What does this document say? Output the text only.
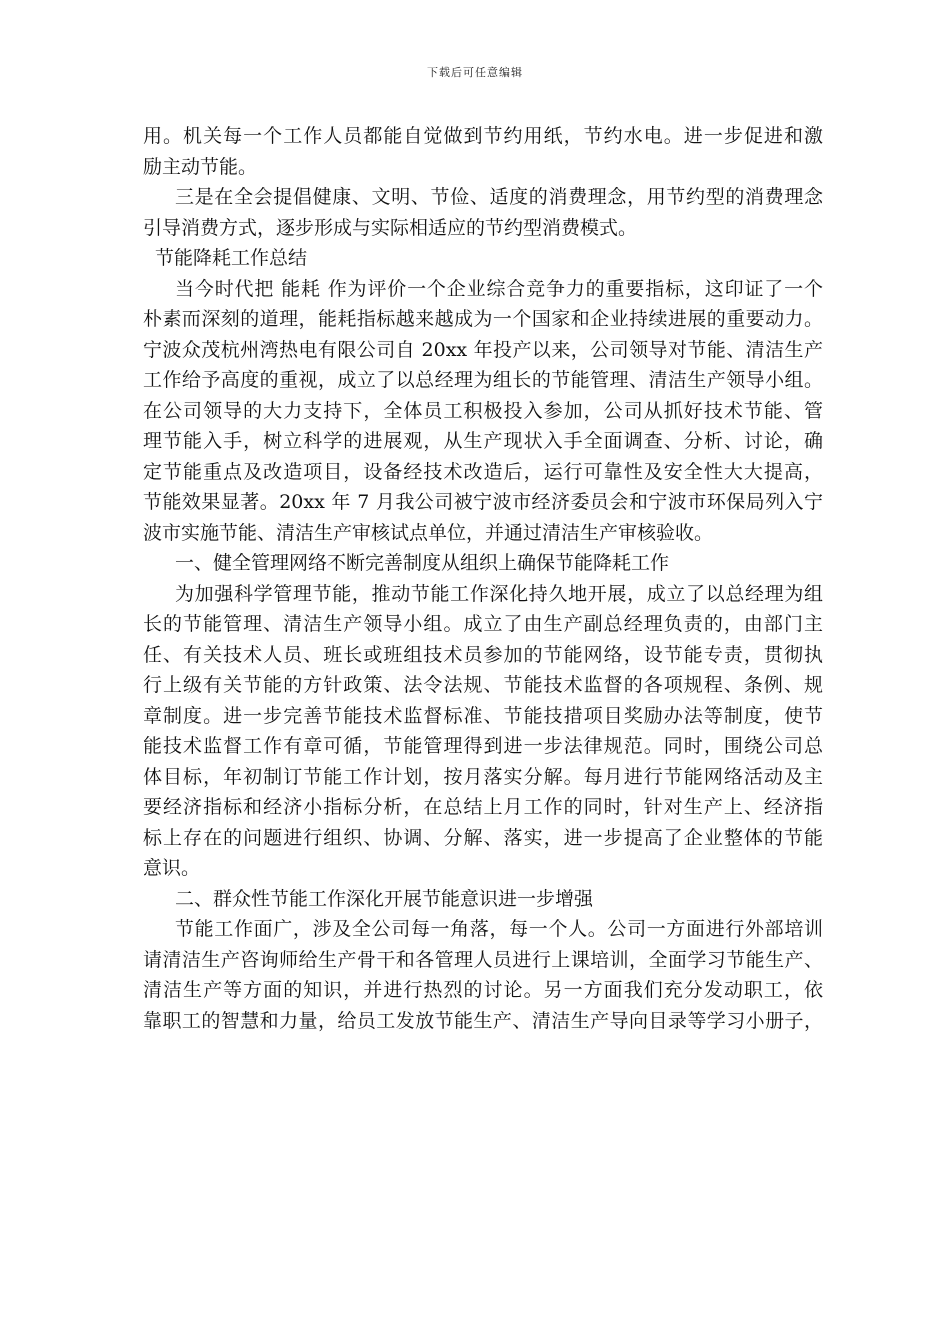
下载后可任意编辑
用。机关每一个工作人员都能自觉做到节约用纸，节约水电。进一步促进和激
励主动节能。
三是在全会提倡健康、文明、节俭、适度的消费理念，用节约型的消费理念
引导消费方式，逐步形成与实际相适应的节约型消费模式。
节能降耗工作总结
当今时代把 能耗 作为评价一个企业综合竞争力的重要指标，这印证了一个
朴素而深刻的道理，能耗指标越来越成为一个国家和企业持续进展的重要动力。
宁波众茂杭州湾热电有限公司自 20xx 年投产以来，公司领导对节能、清洁生产
工作给予高度的重视，成立了以总经理为组长的节能管理、清洁生产领导小组。
在公司领导的大力支持下，全体员工积极投入参加，公司从抓好技术节能、管
理节能入手，树立科学的进展观，从生产现状入手全面调查、分析、讨论，确
定节能重点及改造项目，设备经技术改造后，运行可靠性及安全性大大提高，
节能效果显著。20xx 年 7 月我公司被宁波市经济委员会和宁波市环保局列入宁
波市实施节能、清洁生产审核试点单位，并通过清洁生产审核验收。
一、健全管理网络不断完善制度从组织上确保节能降耗工作
为加强科学管理节能，推动节能工作深化持久地开展，成立了以总经理为组
长的节能管理、清洁生产领导小组。成立了由生产副总经理负责的，由部门主
任、有关技术人员、班长或班组技术员参加的节能网络，设节能专责，贯彻执
行上级有关节能的方针政策、法令法规、节能技术监督的各项规程、条例、规
章制度。进一步完善节能技术监督标准、节能技措项目奖励办法等制度，使节
能技术监督工作有章可循，节能管理得到进一步法律规范。同时，围绕公司总
体目标，年初制订节能工作计划，按月落实分解。每月进行节能网络活动及主
要经济指标和经济小指标分析，在总结上月工作的同时，针对生产上、经济指
标上存在的问题进行组织、协调、分解、落实，进一步提高了企业整体的节能
意识。
二、群众性节能工作深化开展节能意识进一步增强
节能工作面广，涉及全公司每一角落，每一个人。公司一方面进行外部培训
请清洁生产咨询师给生产骨干和各管理人员进行上课培训，全面学习节能生产、
清洁生产等方面的知识，并进行热烈的讨论。另一方面我们充分发动职工，依
靠职工的智慧和力量，给员工发放节能生产、清洁生产导向目录等学习小册子，
